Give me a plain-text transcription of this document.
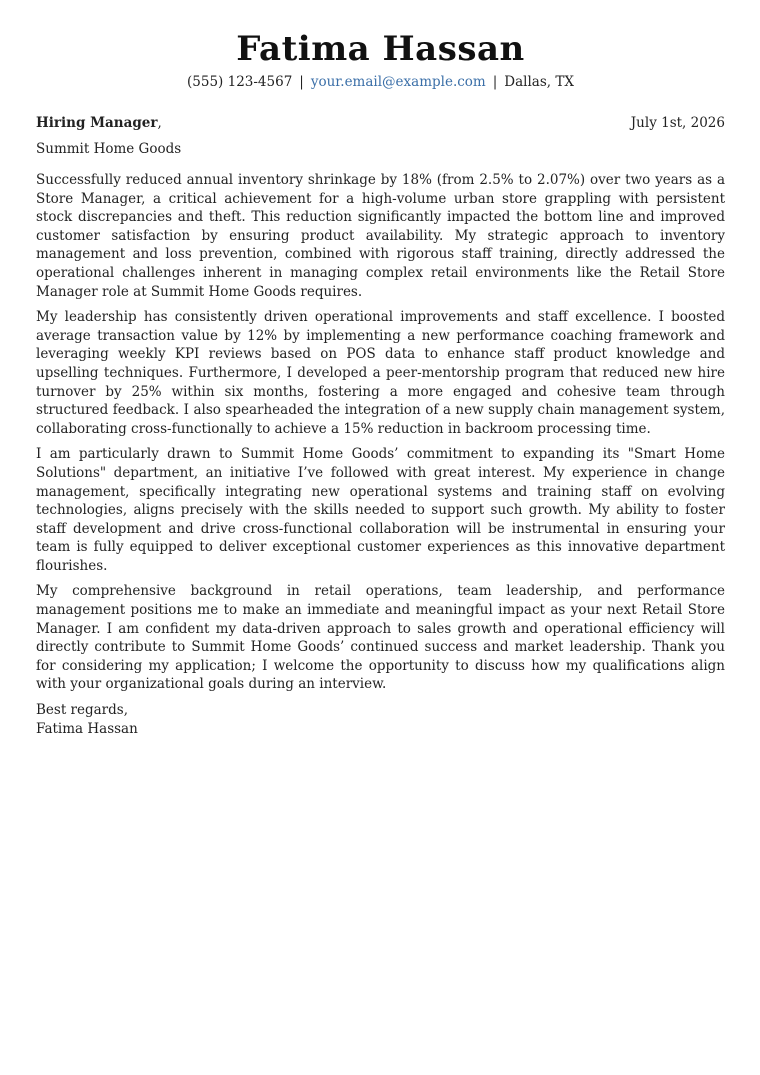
Fatima Hassan
(555) 123-4567 | your.email@example.com | Dallas, TX
Hiring Manager,	July 1st, 2026
Summit Home Goods

Successfully reduced annual inventory shrinkage by 18% (from 2.5% to 2.07%) over two years as a Store Manager, a critical achievement for a high-volume urban store grappling with persistent stock discrepancies and theft. This reduction significantly impacted the bottom line and improved customer satisfaction by ensuring product availability. My strategic approach to inventory management and loss prevention, combined with rigorous staff training, directly addressed the operational challenges inherent in managing complex retail environments like the Retail Store Manager role at Summit Home Goods requires.

My leadership has consistently driven operational improvements and staff excellence. I boosted average transaction value by 12% by implementing a new performance coaching framework and leveraging weekly KPI reviews based on POS data to enhance staff product knowledge and upselling techniques. Furthermore, I developed a peer-mentorship program that reduced new hire turnover by 25% within six months, fostering a more engaged and cohesive team through structured feedback. I also spearheaded the integration of a new supply chain management system, collaborating cross-functionally to achieve a 15% reduction in backroom processing time.

I am particularly drawn to Summit Home Goods’ commitment to expanding its "Smart Home Solutions" department, an initiative I’ve followed with great interest. My experience in change management, specifically integrating new operational systems and training staff on evolving technologies, aligns precisely with the skills needed to support such growth. My ability to foster staff development and drive cross-functional collaboration will be instrumental in ensuring your team is fully equipped to deliver exceptional customer experiences as this innovative department flourishes.

My comprehensive background in retail operations, team leadership, and performance management positions me to make an immediate and meaningful impact as your next Retail Store Manager. I am confident my data-driven approach to sales growth and operational efficiency will directly contribute to Summit Home Goods’ continued success and market leadership. Thank you for considering my application; I welcome the opportunity to discuss how my qualifications align with your organizational goals during an interview.

Best regards,
Fatima Hassan
